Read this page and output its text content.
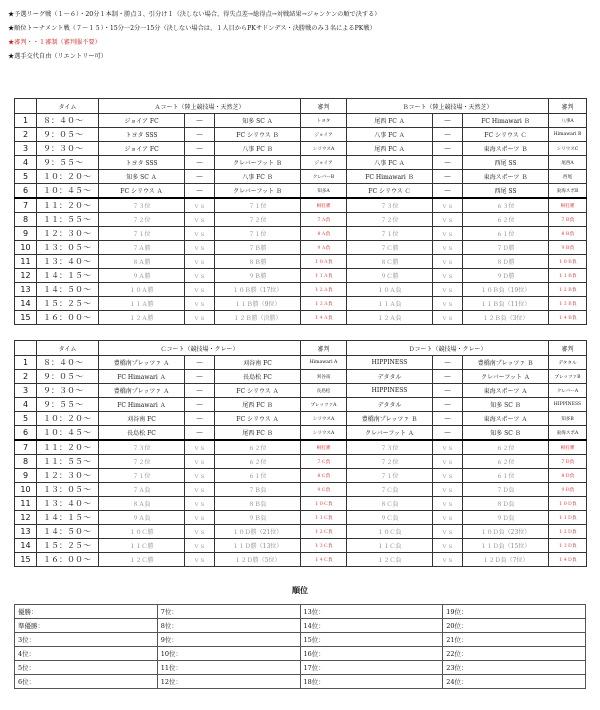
★予選リーグ戦（１～６）・20分１本制・勝点３、引分け１（決しない場合、得失点差→総得点→対戦結果→ジャンケンの順で決する）
★順位トーナメント戦（７～１５）・15分一2分一15分（決しない場合は、１人目からPKサドンデス・決勝戦のみ３名によるPK戦）
★審判・・１審制（審判服不要）
★選手交代自由（リエントリー可）
	タイム	Ａコート（陸上競技場・天然芝）			審判	Ｂコート（陸上競技場・天然芝）			審判
1	８：４０～	ジョイア FC	―	知多 SC Ａ	トヨタ	尾西 FC Ａ	―	FC Himawari Ｂ	八事A
2	９：０５～	トヨタ SSS	―	FC シリウス Ｂ	ジョイア	八事 FC Ａ	―	FC シリウス Ｃ	Himawari B
3	９：３０～	ジョイア FC	―	八事 FC Ｂ	シリウスA	尾西 FC Ａ	―	東海スポーツ Ｂ	シリウスC
4	９：５５～	トヨタ SSS	―	クレバーフット Ｂ	ジョイア	八事 FC Ａ	―	西尾 SS	尾西A
5	１０：２０～	知多 SC Ａ	―	八事 FC Ｂ	クレバーB	FC Himawari Ｂ	―	東海スポーツ Ｂ	西尾
6	１０：４５～	FC シリウス Ａ	―	クレバーフット Ｂ	知多A	FC シリウス Ｃ	―	西尾 SS	東海スポB
7	１１：２０～	７３位	ｖｓ	７１位	相打審	７３位	ｖｓ	６３位	相打審
8	１１：５５～	７２位	ｖｓ	７２位	７Ａ負	７２位	ｖｓ	６２位	７Ｂ負
9	１２：３０～	７１位	ｖｓ	７１位	８Ａ負	７１位	ｖｓ	６１位	８Ｂ負
10	１３：０５～	７Ａ勝	ｖｓ	７Ｂ勝	９Ａ負	７Ｃ勝	ｖｓ	７Ｄ勝	９Ｂ負
11	１３：４０～	８Ａ勝	ｖｓ	８Ｂ勝	１０Ａ負	８Ｃ勝	ｖｓ	８Ｄ勝	１０Ｂ負
12	１４：１５～	９Ａ勝	ｖｓ	９Ｂ勝	１１Ａ負	９Ｃ勝	ｖｓ	９Ｄ勝	１１Ｂ負
13	１４：５０～	１０Ａ勝	ｖｓ	１０Ｂ勝（17位）	１２Ａ負	１０Ａ負	ｖｓ	１０Ｂ負（19位）	１２Ｂ負
14	１５：２５～	１１Ａ勝	ｖｓ	１１Ｂ勝（9位）	１３Ａ負	１１Ａ負	ｖｓ	１１Ｂ負（11位）	１３Ｂ負
15	１６：００～	１２Ａ勝	ｖｓ	１２Ｂ勝（決勝）	１４Ａ負	１２Ａ負	ｖｓ	１２Ｂ負（3位）	１４Ｂ負
	タイム	Ｃコート（競技場・クレー）			審判	Ｄコート（競技場・クレー）			審判
1	８：４０～	豊橋南プレッツァ Ａ	―	刈谷南 FC	Himawari A	HIPPINESS	―	豊橋南プレッツァ Ｂ	デタタル
2	９：０５～	FC Himawari Ａ	―	長島松 FC	刈谷南	デタタル	―	クレバーフット Ａ	プレッツァB
3	９：３０～	豊橋南プレッツァ Ａ	―	FC シリウス Ａ	長島松	HIPPINESS	―	東海スポーツ Ａ	クレバーA
4	９：５５～	FC Himawari Ａ	―	尾西 FC Ｂ	プレッツァA	デタタル	―	知多 SC Ｂ	HIPPINESS
5	１０：２０～	刈谷南 FC	―	FC シリウス Ａ	シリウスA	豊橋南プレッツァ Ｂ	―	東海スポーツ Ａ	知多B
6	１０：４５～	長島松 FC	―	尾西 FC Ｂ	シリウスA	クレバーフット Ａ	―	知多 SC Ｂ	東海スポA
7	１１：２０～	７３位	ｖｓ	６２位	相打審	７３位	ｖｓ	６２位	相打審
8	１１：５５～	７２位	ｖｓ	６２位	７Ｃ負	７２位	ｖｓ	６２位	７Ｄ負
9	１２：３０～	７１位	ｖｓ	６１位	８Ｃ負	７１位	ｖｓ	６１位	８Ｄ負
10	１３：０５～	７Ａ負	ｖｓ	７Ｂ負	９Ｃ負	７Ｃ負	ｖｓ	７Ｄ負	９Ｄ負
11	１３：４０～	８Ａ負	ｖｓ	８Ｂ負	１０Ｃ負	８Ｃ負	ｖｓ	８Ｄ負	１０Ｄ負
12	１４：１５～	９Ａ負	ｖｓ	９Ｂ負	１１Ｃ負	９Ｃ負	ｖｓ	９Ｄ負	１１Ｄ負
13	１４：５０～	１０Ｃ勝	ｖｓ	１０Ｄ勝（21位）	１２Ｃ負	１０Ｃ負	ｖｓ	１０Ｄ負（23位）	１２Ｄ負
14	１５：２５～	１１Ｃ勝	ｖｓ	１１Ｄ勝（13位）	１３Ｃ負	１１Ｃ負	ｖｓ	１１Ｄ負（15位）	１３Ｄ負
15	１６：００～	１２Ｃ勝	ｖｓ	１２Ｄ勝（5位）	１４Ｃ負	１２Ｃ負	ｖｓ	１２Ｄ負（7位）	１４Ｄ負
順位
優勝：	7位：	13位：	19位：
準優勝：	8位：	14位：	20位：
3位：	9位：	15位：	21位：
4位：	10位：	16位：	22位：
5位：	11位：	17位：	23位：
6位：	12位：	18位：	24位：
